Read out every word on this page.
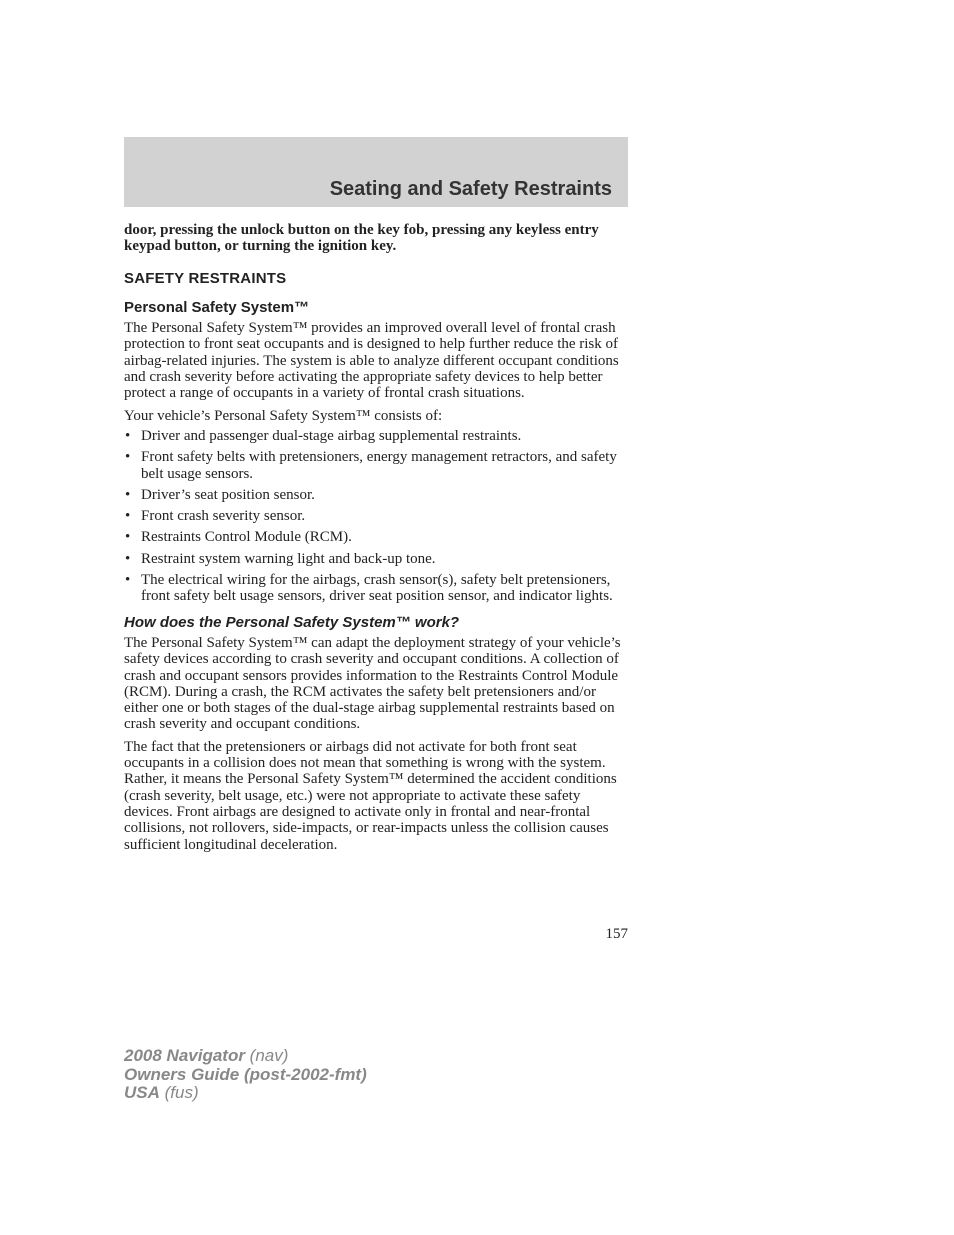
Seating and Safety Restraints

door, pressing the unlock button on the key fob, pressing any keyless entry keypad button, or turning the ignition key.

SAFETY RESTRAINTS
Personal Safety System™

The Personal Safety System™ provides an improved overall level of frontal crash protection to front seat occupants and is designed to help further reduce the risk of airbag-related injuries. The system is able to analyze different occupant conditions and crash severity before activating the appropriate safety devices to help better protect a range of occupants in a variety of frontal crash situations.

Your vehicle’s Personal Safety System™ consists of:

• Driver and passenger dual-stage airbag supplemental restraints.
• Front safety belts with pretensioners, energy management retractors, and safety belt usage sensors.
• Driver’s seat position sensor.
• Front crash severity sensor.
• Restraints Control Module (RCM).
• Restraint system warning light and back-up tone.
• The electrical wiring for the airbags, crash sensor(s), safety belt pretensioners, front safety belt usage sensors, driver seat position sensor, and indicator lights.
How does the Personal Safety System™ work?

The Personal Safety System™ can adapt the deployment strategy of your vehicle’s safety devices according to crash severity and occupant conditions. A collection of crash and occupant sensors provides information to the Restraints Control Module (RCM). During a crash, the RCM activates the safety belt pretensioners and/or either one or both stages of the dual-stage airbag supplemental restraints based on crash severity and occupant conditions.

The fact that the pretensioners or airbags did not activate for both front seat occupants in a collision does not mean that something is wrong with the system. Rather, it means the Personal Safety System™ determined the accident conditions (crash severity, belt usage, etc.) were not appropriate to activate these safety devices. Front airbags are designed to activate only in frontal and near-frontal collisions, not rollovers, side-impacts, or rear-impacts unless the collision causes sufficient longitudinal deceleration.

157
2008 Navigator (nav)
Owners Guide (post-2002-fmt)
USA (fus)
